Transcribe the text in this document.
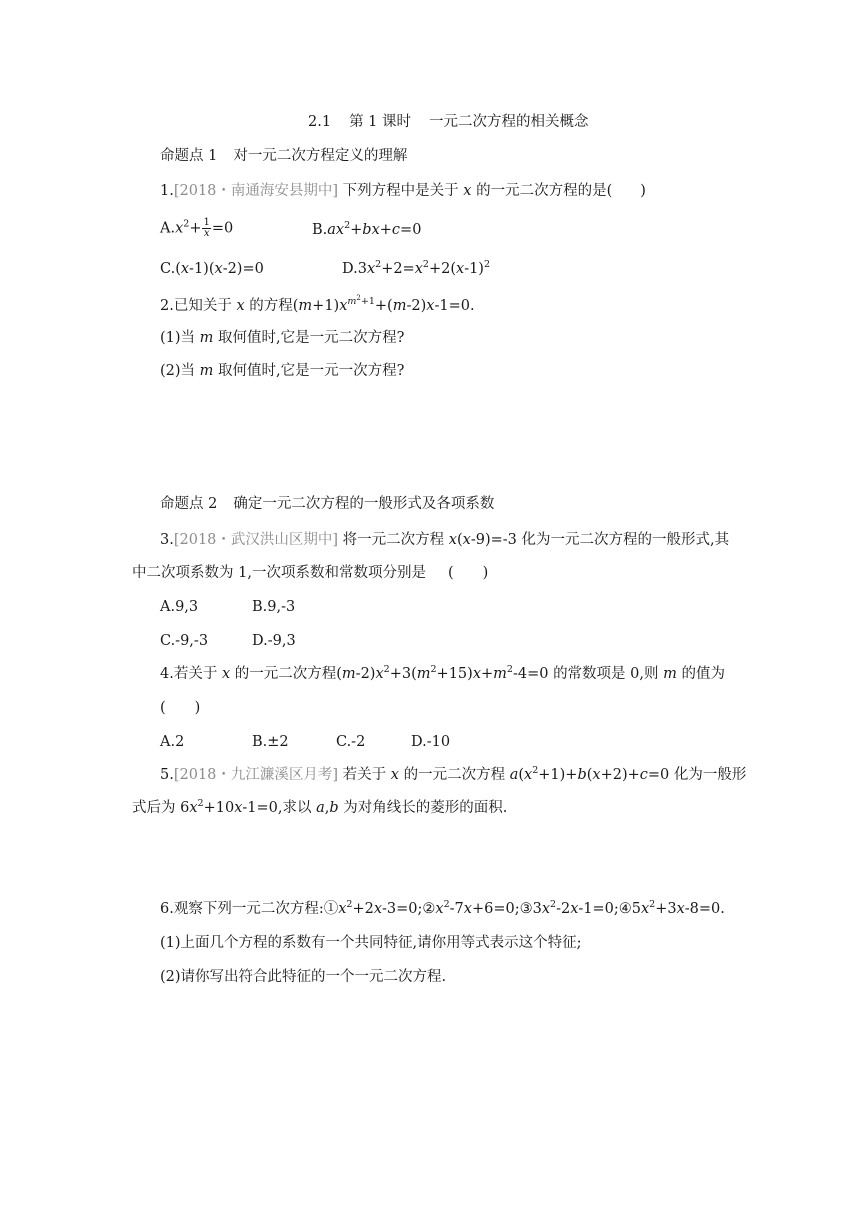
2.1 第 1 课时 一元二次方程的相关概念
命题点 1 对一元二次方程定义的理解
1.[2018・南通海安县期中] 下列方程中是关于 x 的一元二次方程的是( )
$A.x^2+ \frac{1}{x} =0$	$B.ax^2+bx+c=0$
C.(x-1)(x-2)=0	$D.3x^2+2=x^2+2(x-1)^2$
2.已知关于 x 的方程$(m+1)x^{m^2+1}+(m-2)x-1=0$.
(1)当 m 取何值时,它是一元二次方程?
(2)当 m 取何值时,它是一元一次方程?
命题点 2 确定一元二次方程的一般形式及各项系数
3.[2018・武汉洪山区期中] 将一元二次方程 x(x-9)=-3 化为一元二次方程的一般形式,其
中二次项系数为 1,一次项系数和常数项分别是 (　　)
A.9,3	B.9,-3
C.-9,-3	D.-9,3
4.若关于 x 的一元二次方程$(m-2)x^2+3(m^2+15)x+m^2-4=0$ 的常数项是 0,则 m 的值为
(　　)
A.2	B.±2	C.-2	D.-10
5.[2018・九江濂溪区月考] 若关于 x 的一元二次方程 $a(x^2+1)+b(x+2)+c=0$ 化为一般形
式后为 $6x^2+10x-1=0$,求以 a,b 为对角线长的菱形的面积.
6.观察下列一元二次方程$:①x^2+2x-3=0;②x^2-7x+6=0;③3x^2-2x-1=0;④5x^2+3x-8=0$.
(1)上面几个方程的系数有一个共同特征,请你用等式表示这个特征;
(2)请你写出符合此特征的一个一元二次方程.
